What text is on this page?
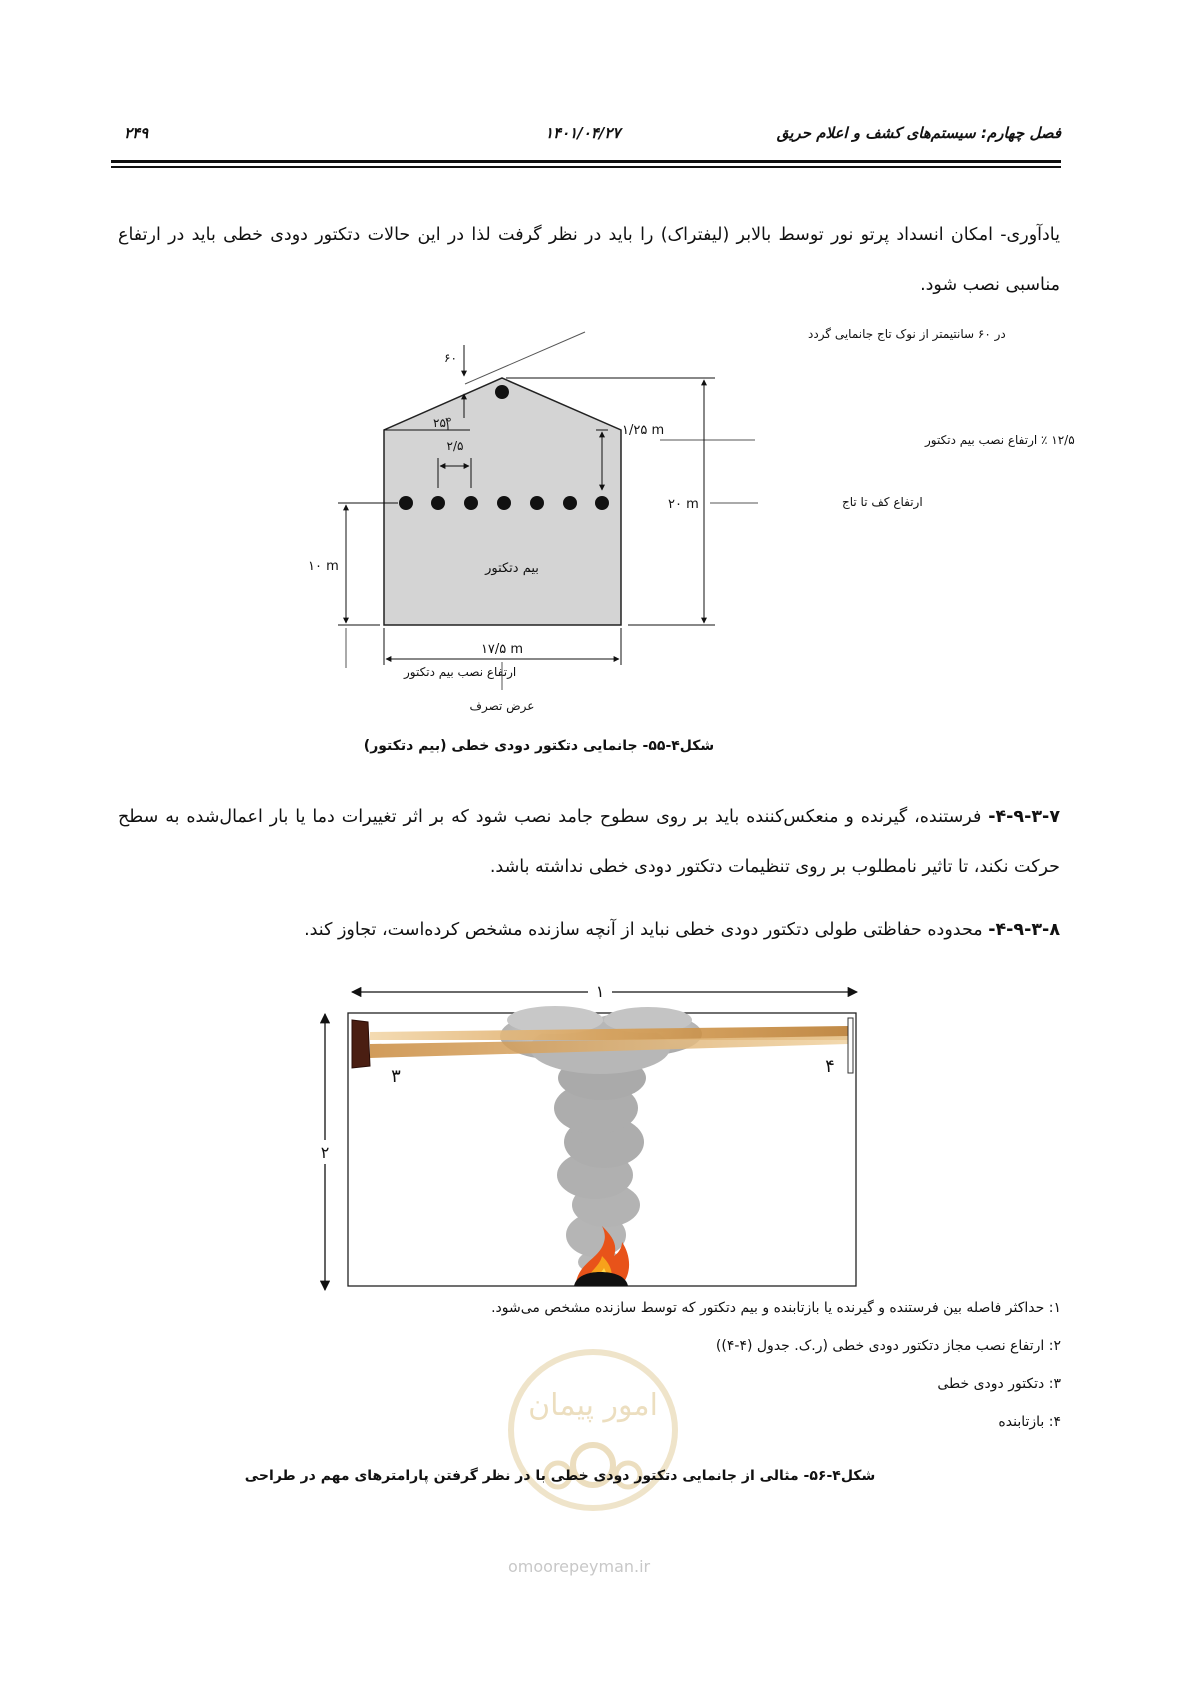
۲۴۹	۱۴۰۱/۰۴/۲۷	فصل چهارم: سیستم‌های کشف و اعلام حریق
یادآوری- امکان انسداد پرتو نور توسط بالابر (لیفتراک) را باید در نظر گرفت لذا در این حالات دتکتور دودی خطی باید در ارتفاع مناسبی نصب شود.
۶۰
در ۶۰ سانتیمتر از نوک تاج جانمایی گردد
۲۵°
۲/۵
۱/۲۵ m
۱۲/۵ ٪ ارتفاع نصب بیم دتکتور
۲۰ m	ارتفاع کف تا تاج
۱۰ m	بیم دتکتور
۱۷/۵ m
ارتفاع نصب بیم دتکتور
عرض تصرف
شکل۴-۵۵- جانمایی دتکتور دودی خطی (بیم دتکتور)
۴-۹-۳-۷- فرستنده، گیرنده و منعکس‌کننده باید بر روی سطوح جامد نصب شود که بر اثر تغییرات دما یا بار اعمال‌شده به سطح حرکت نکند، تا تاثیر نامطلوب بر روی تنظیمات دتکتور دودی خطی نداشته باشد.
۴-۹-۳-۸- محدوده حفاظتی طولی دتکتور دودی خطی نباید از آنچه سازنده مشخص کرده‌است، تجاوز کند.
۱
۲
۳	۴
۱: حداکثر فاصله بین فرستنده و گیرنده یا بازتابنده و بیم دتکتور که توسط سازنده مشخص می‌شود.
۲: ارتفاع نصب مجاز دتکتور دودی خطی (ر.ک. جدول (۴-۴))
۳: دتکتور دودی خطی
۴: بازتابنده
امور پیمان
شکل۴-۵۶- مثالی از جانمایی دتکتور دودی خطی با در نظر گرفتن پارامترهای مهم در طراحی
omoorepeyman.ir
